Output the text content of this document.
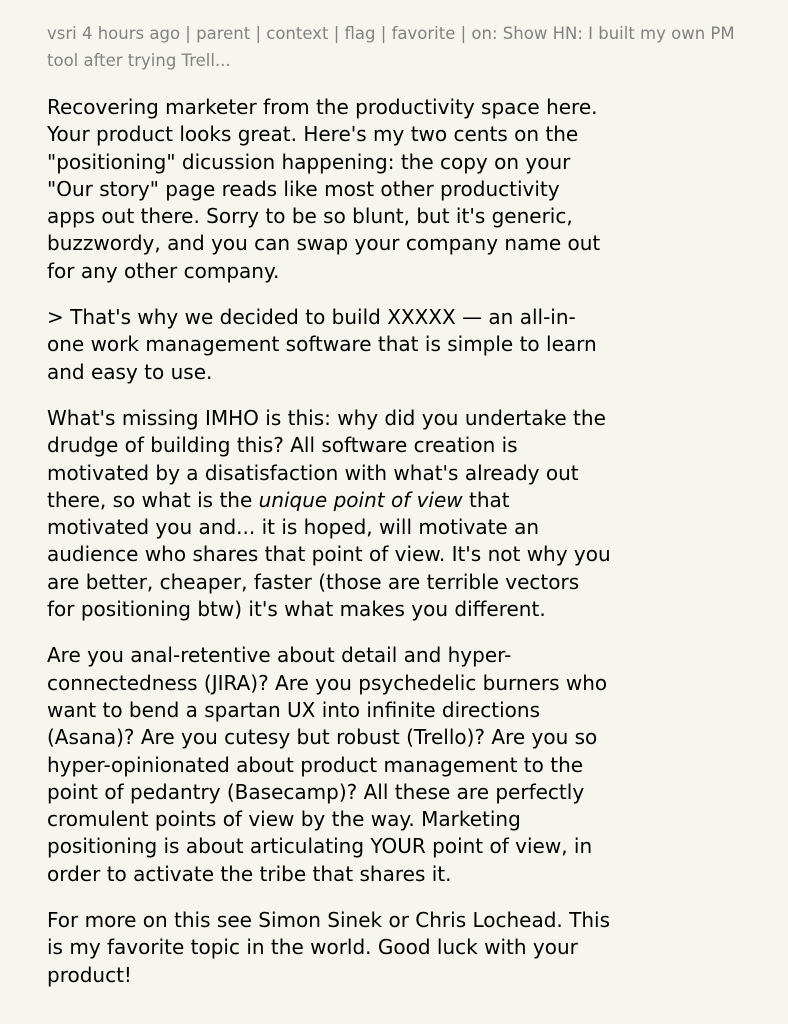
vsri 4 hours ago | parent | context | flag | favorite | on: Show HN: I built my own PM tool after trying Trell...

Recovering marketer from the productivity space here. Your product looks great. Here's my two cents on the "positioning" dicussion happening: the copy on your "Our story" page reads like most other productivity apps out there. Sorry to be so blunt, but it's generic, buzzwordy, and you can swap your company name out for any other company.

> That's why we decided to build XXXXX — an all-in-one work management software that is simple to learn and easy to use.

What's missing IMHO is this: why did you undertake the drudge of building this? All software creation is motivated by a disatisfaction with what's already out there, so what is the unique point of view that motivated you and... it is hoped, will motivate an audience who shares that point of view. It's not why you are better, cheaper, faster (those are terrible vectors for positioning btw) it's what makes you different.

Are you anal-retentive about detail and hyper-connectedness (JIRA)? Are you psychedelic burners who want to bend a spartan UX into infinite directions (Asana)? Are you cutesy but robust (Trello)? Are you so hyper-opinionated about product management to the point of pedantry (Basecamp)? All these are perfectly cromulent points of view by the way. Marketing positioning is about articulating YOUR point of view, in order to activate the tribe that shares it.

For more on this see Simon Sinek or Chris Lochead. This is my favorite topic in the world. Good luck with your product!
